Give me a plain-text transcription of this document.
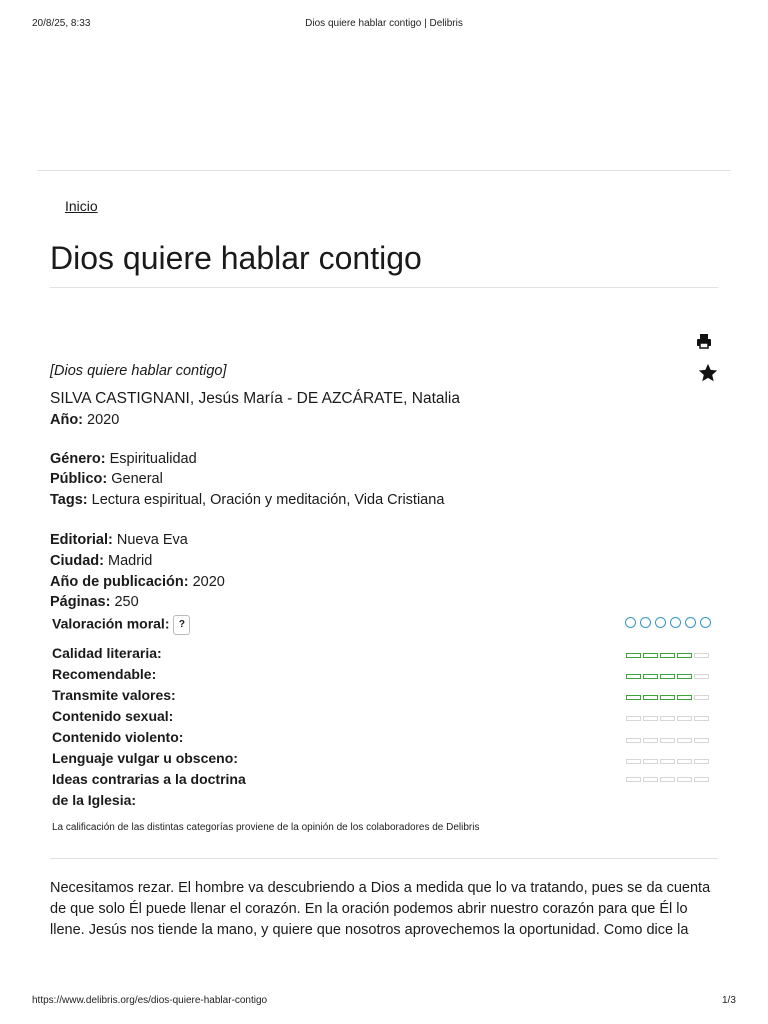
20/8/25, 8:33	Dios quiere hablar contigo | Delibris
Inicio
Dios quiere hablar contigo
[Dios quiere hablar contigo]
SILVA CASTIGNANI, Jesús María - DE AZCÁRATE, Natalia
Año: 2020
Género: Espiritualidad
Público: General
Tags: Lectura espiritual, Oración y meditación, Vida Cristiana
Editorial: Nueva Eva
Ciudad: Madrid
Año de publicación: 2020
Páginas: 250
Valoración moral: ?
Calidad literaria:
Recomendable:
Transmite valores:
Contenido sexual:
Contenido violento:
Lenguaje vulgar u obsceno:
Ideas contrarias a la doctrina
de la Iglesia:
La calificación de las distintas categorías proviene de la opinión de los colaboradores de Delibris
Necesitamos rezar. El hombre va descubriendo a Dios a medida que lo va tratando, pues se da cuenta de que solo Él puede llenar el corazón. En la oración podemos abrir nuestro corazón para que Él lo llene. Jesús nos tiende la mano, y quiere que nosotros aprovechemos la oportunidad. Como dice la
https://www.delibris.org/es/dios-quiere-hablar-contigo	1/3
